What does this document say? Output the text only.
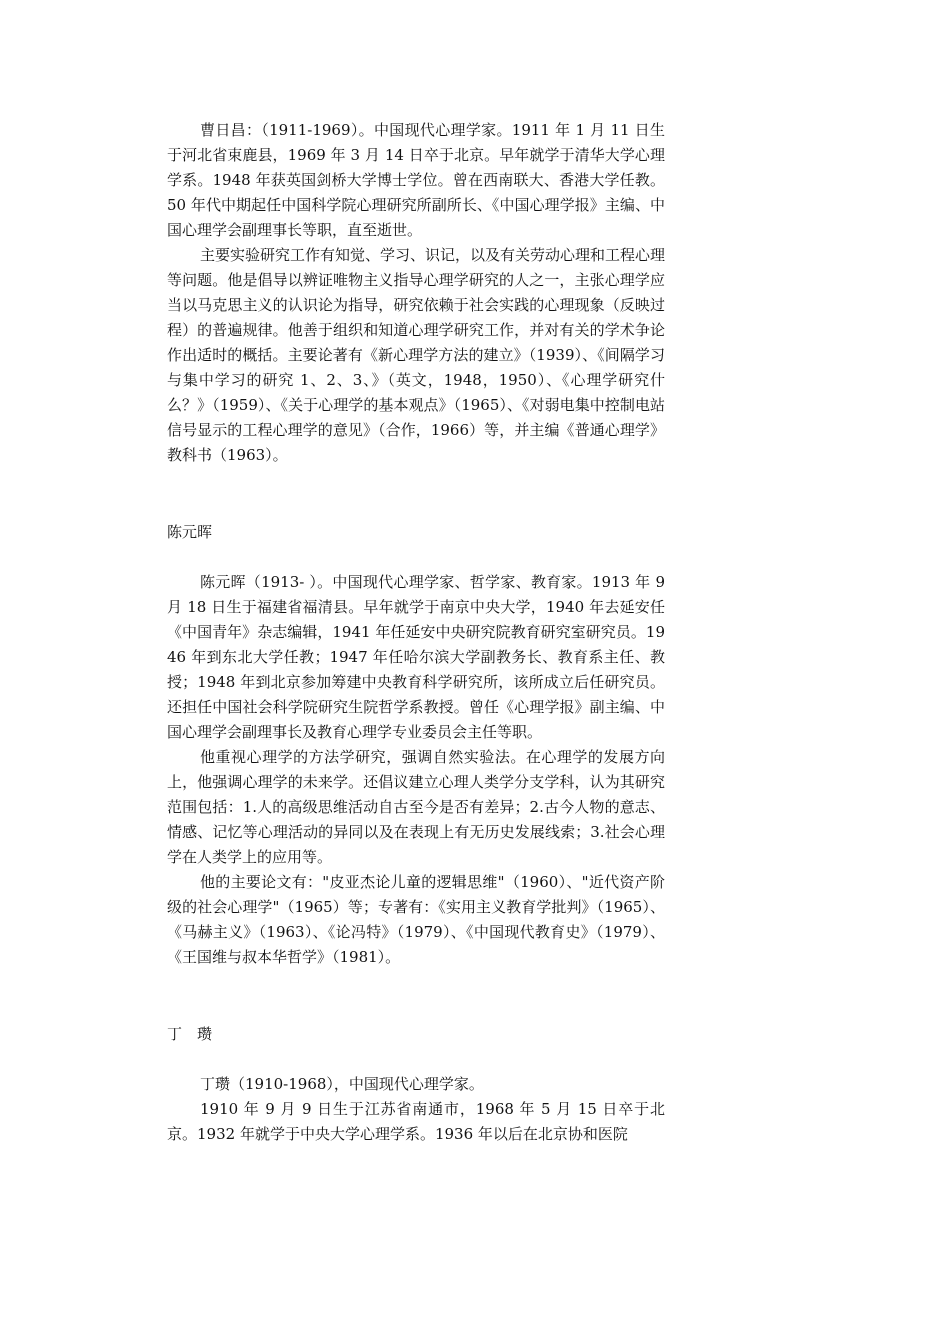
曹日昌：（1911-1969）。中国现代心理学家。1911 年 1 月 11 日生于河北省束鹿县，1969 年 3 月 14 日卒于北京。早年就学于清华大学心理学系。1948 年获英国剑桥大学博士学位。曾在西南联大、香港大学任教。50 年代中期起任中国科学院心理研究所副所长、《中国心理学报》主编、中国心理学会副理事长等职，直至逝世。

主要实验研究工作有知觉、学习、识记，以及有关劳动心理和工程心理等问题。他是倡导以辨证唯物主义指导心理学研究的人之一，主张心理学应当以马克思主义的认识论为指导，研究依赖于社会实践的心理现象（反映过程）的普遍规律。他善于组织和知道心理学研究工作，并对有关的学术争论作出适时的概括。主要论著有《新心理学方法的建立》（1939）、《间隔学习与集中学习的研究 1、2、3、》（英文，1948，1950）、《心理学研究什么？》（1959）、《关于心理学的基本观点》（1965）、《对弱电集中控制电站信号显示的工程心理学的意见》（合作，1966）等，并主编《普通心理学》教科书（1963）。

陈元晖

陈元晖（1913- ）。中国现代心理学家、哲学家、教育家。1913 年 9 月 18 日生于福建省福清县。早年就学于南京中央大学，1940 年去延安任《中国青年》杂志编辑，1941 年任延安中央研究院教育研究室研究员。1946 年到东北大学任教；1947 年任哈尔滨大学副教务长、教育系主任、教授；1948 年到北京参加筹建中央教育科学研究所，该所成立后任研究员。还担任中国社会科学院研究生院哲学系教授。曾任《心理学报》副主编、中国心理学会副理事长及教育心理学专业委员会主任等职。

他重视心理学的方法学研究，强调自然实验法。在心理学的发展方向上，他强调心理学的未来学。还倡议建立心理人类学分支学科，认为其研究范围包括：1.人的高级思维活动自古至今是否有差异；2.古今人物的意志、情感、记忆等心理活动的异同以及在表现上有无历史发展线索；3.社会心理学在人类学上的应用等。

他的主要论文有："皮亚杰论儿童的逻辑思维"（1960）、"近代资产阶级的社会心理学"（1965）等；专著有：《实用主义教育学批判》（1965）、《马赫主义》（1963）、《论冯特》（1979）、《中国现代教育史》（1979）、《王国维与叔本华哲学》（1981）。

丁　瓒

丁瓒（1910-1968），中国现代心理学家。

1910 年 9 月 9 日生于江苏省南通市，1968 年 5 月 15 日卒于北京。1932 年就学于中央大学心理学系。1936 年以后在北京协和医院
